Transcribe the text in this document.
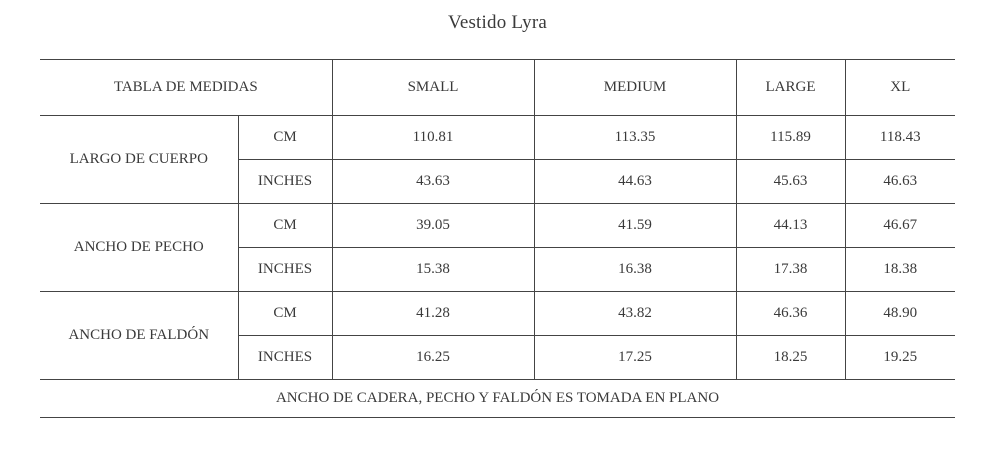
Vestido Lyra
TABLA DE MEDIDAS		SMALL	MEDIUM	LARGE	XL
LARGO DE CUERPO	CM	110.81	113.35	115.89	118.43
	INCHES	43.63	44.63	45.63	46.63
ANCHO DE PECHO	CM	39.05	41.59	44.13	46.67
	INCHES	15.38	16.38	17.38	18.38
ANCHO DE FALDÓN	CM	41.28	43.82	46.36	48.90
	INCHES	16.25	17.25	18.25	19.25
ANCHO DE CADERA, PECHO Y FALDÓN ES TOMADA EN PLANO					
